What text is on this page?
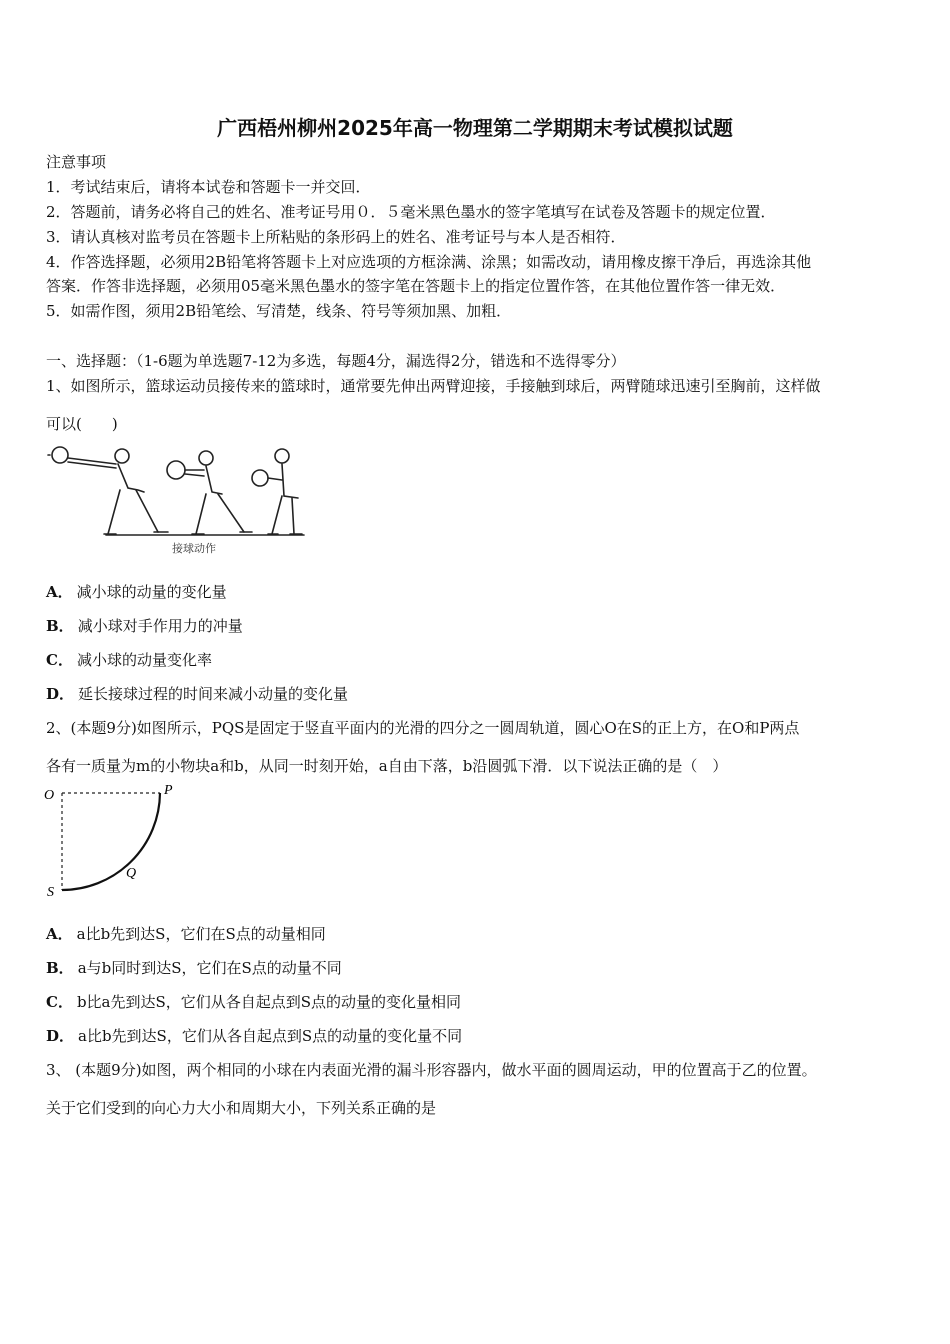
广西梧州柳州2025年高一物理第二学期期末考试模拟试题
注意事项
1．考试结束后，请将本试卷和答题卡一并交回．
2．答题前，请务必将自己的姓名、准考证号用０．５毫米黑色墨水的签字笔填写在试卷及答题卡的规定位置．
3．请认真核对监考员在答题卡上所粘贴的条形码上的姓名、准考证号与本人是否相符．
4．作答选择题，必须用2B铅笔将答题卡上对应选项的方框涂满、涂黑；如需改动，请用橡皮擦干净后，再选涂其他
答案．作答非选择题，必须用05毫米黑色墨水的签字笔在答题卡上的指定位置作答，在其他位置作答一律无效．
5．如需作图，须用2B铅笔绘、写清楚，线条、符号等须加黑、加粗．
一、选择题：（1-6题为单选题7-12为多选，每题4分，漏选得2分，错选和不选得零分）
1、如图所示，篮球运动员接传来的篮球时，通常要先伸出两臂迎接，手接触到球后，两臂随球迅速引至胸前，这样做
可以(　　)
接球动作
A． 减小球的动量的变化量
B． 减小球对手作用力的冲量
C． 减小球的动量变化率
D． 延长接球过程的时间来减小动量的变化量
2、(本题9分)如图所示，PQS是固定于竖直平面内的光滑的四分之一圆周轨道，圆心O在S的正上方，在O和P两点
各有一质量为m的小物块a和b，从同一时刻开始，a自由下落，b沿圆弧下滑．以下说法正确的是（　）
O	P
Q
S
A． a比b先到达S，它们在S点的动量相同
B． a与b同时到达S，它们在S点的动量不同
C． b比a先到达S，它们从各自起点到S点的动量的变化量相同
D． a比b先到达S，它们从各自起点到S点的动量的变化量不同
3、 (本题9分)如图，两个相同的小球在内表面光滑的漏斗形容器内，做水平面的圆周运动，甲的位置高于乙的位置。
关于它们受到的向心力大小和周期大小，下列关系正确的是
